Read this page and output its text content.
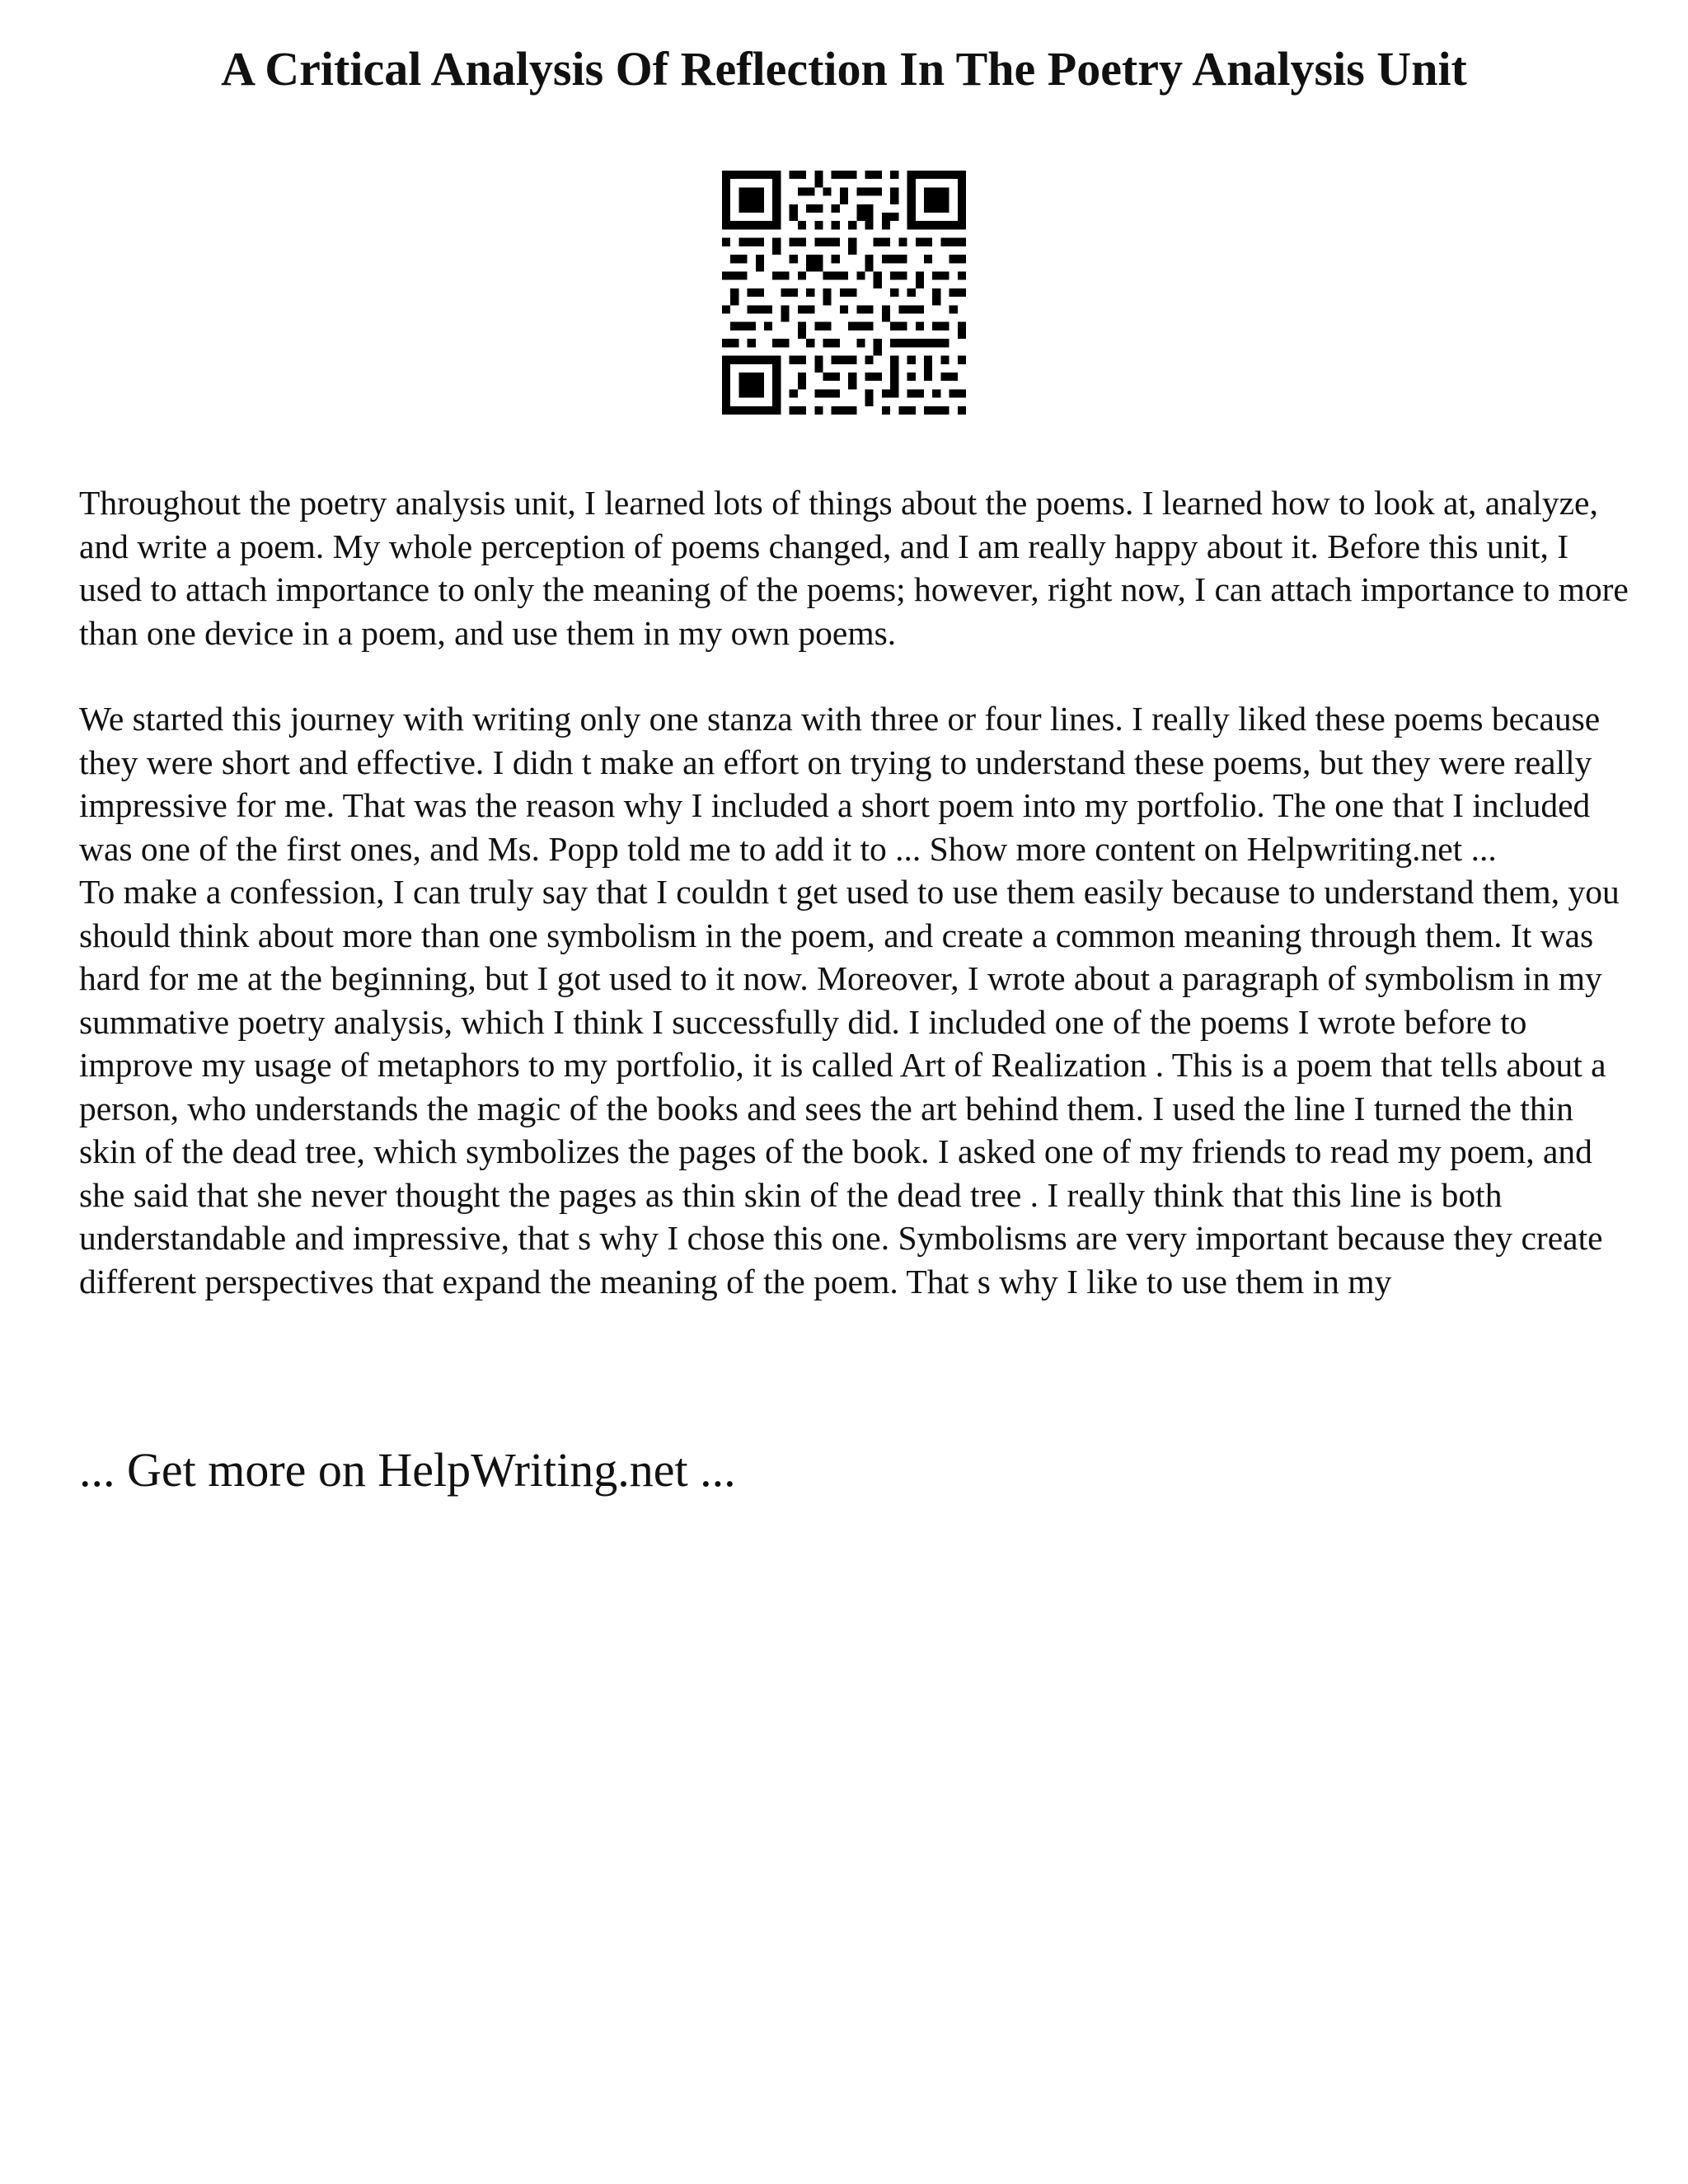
A Critical Analysis Of Reflection In The Poetry Analysis Unit

Throughout the poetry analysis unit, I learned lots of things about the poems. I learned how to look at, analyze, and write a poem. My whole perception of poems changed, and I am really happy about it. Before this unit, I used to attach importance to only the meaning of the poems; however, right now, I can attach importance to more than one device in a poem, and use them in my own poems.

We started this journey with writing only one stanza with three or four lines. I really liked these poems because they were short and effective. I didn t make an effort on trying to understand these poems, but they were really impressive for me. That was the reason why I included a short poem into my portfolio. The one that I included was one of the first ones, and Ms. Popp told me to add it to ... Show more content on Helpwriting.net ...

To make a confession, I can truly say that I couldn t get used to use them easily because to understand them, you should think about more than one symbolism in the poem, and create a common meaning through them. It was hard for me at the beginning, but I got used to it now. Moreover, I wrote about a paragraph of symbolism in my summative poetry analysis, which I think I successfully did. I included one of the poems I wrote before to improve my usage of metaphors to my portfolio, it is called Art of Realization . This is a poem that tells about a person, who understands the magic of the books and sees the art behind them. I used the line I turned the thin skin of the dead tree, which symbolizes the pages of the book. I asked one of my friends to read my poem, and she said that she never thought the pages as thin skin of the dead tree . I really think that this line is both understandable and impressive, that s why I chose this one. Symbolisms are very important because they create different perspectives that expand the meaning of the poem. That s why I like to use them in my

... Get more on HelpWriting.net ...
